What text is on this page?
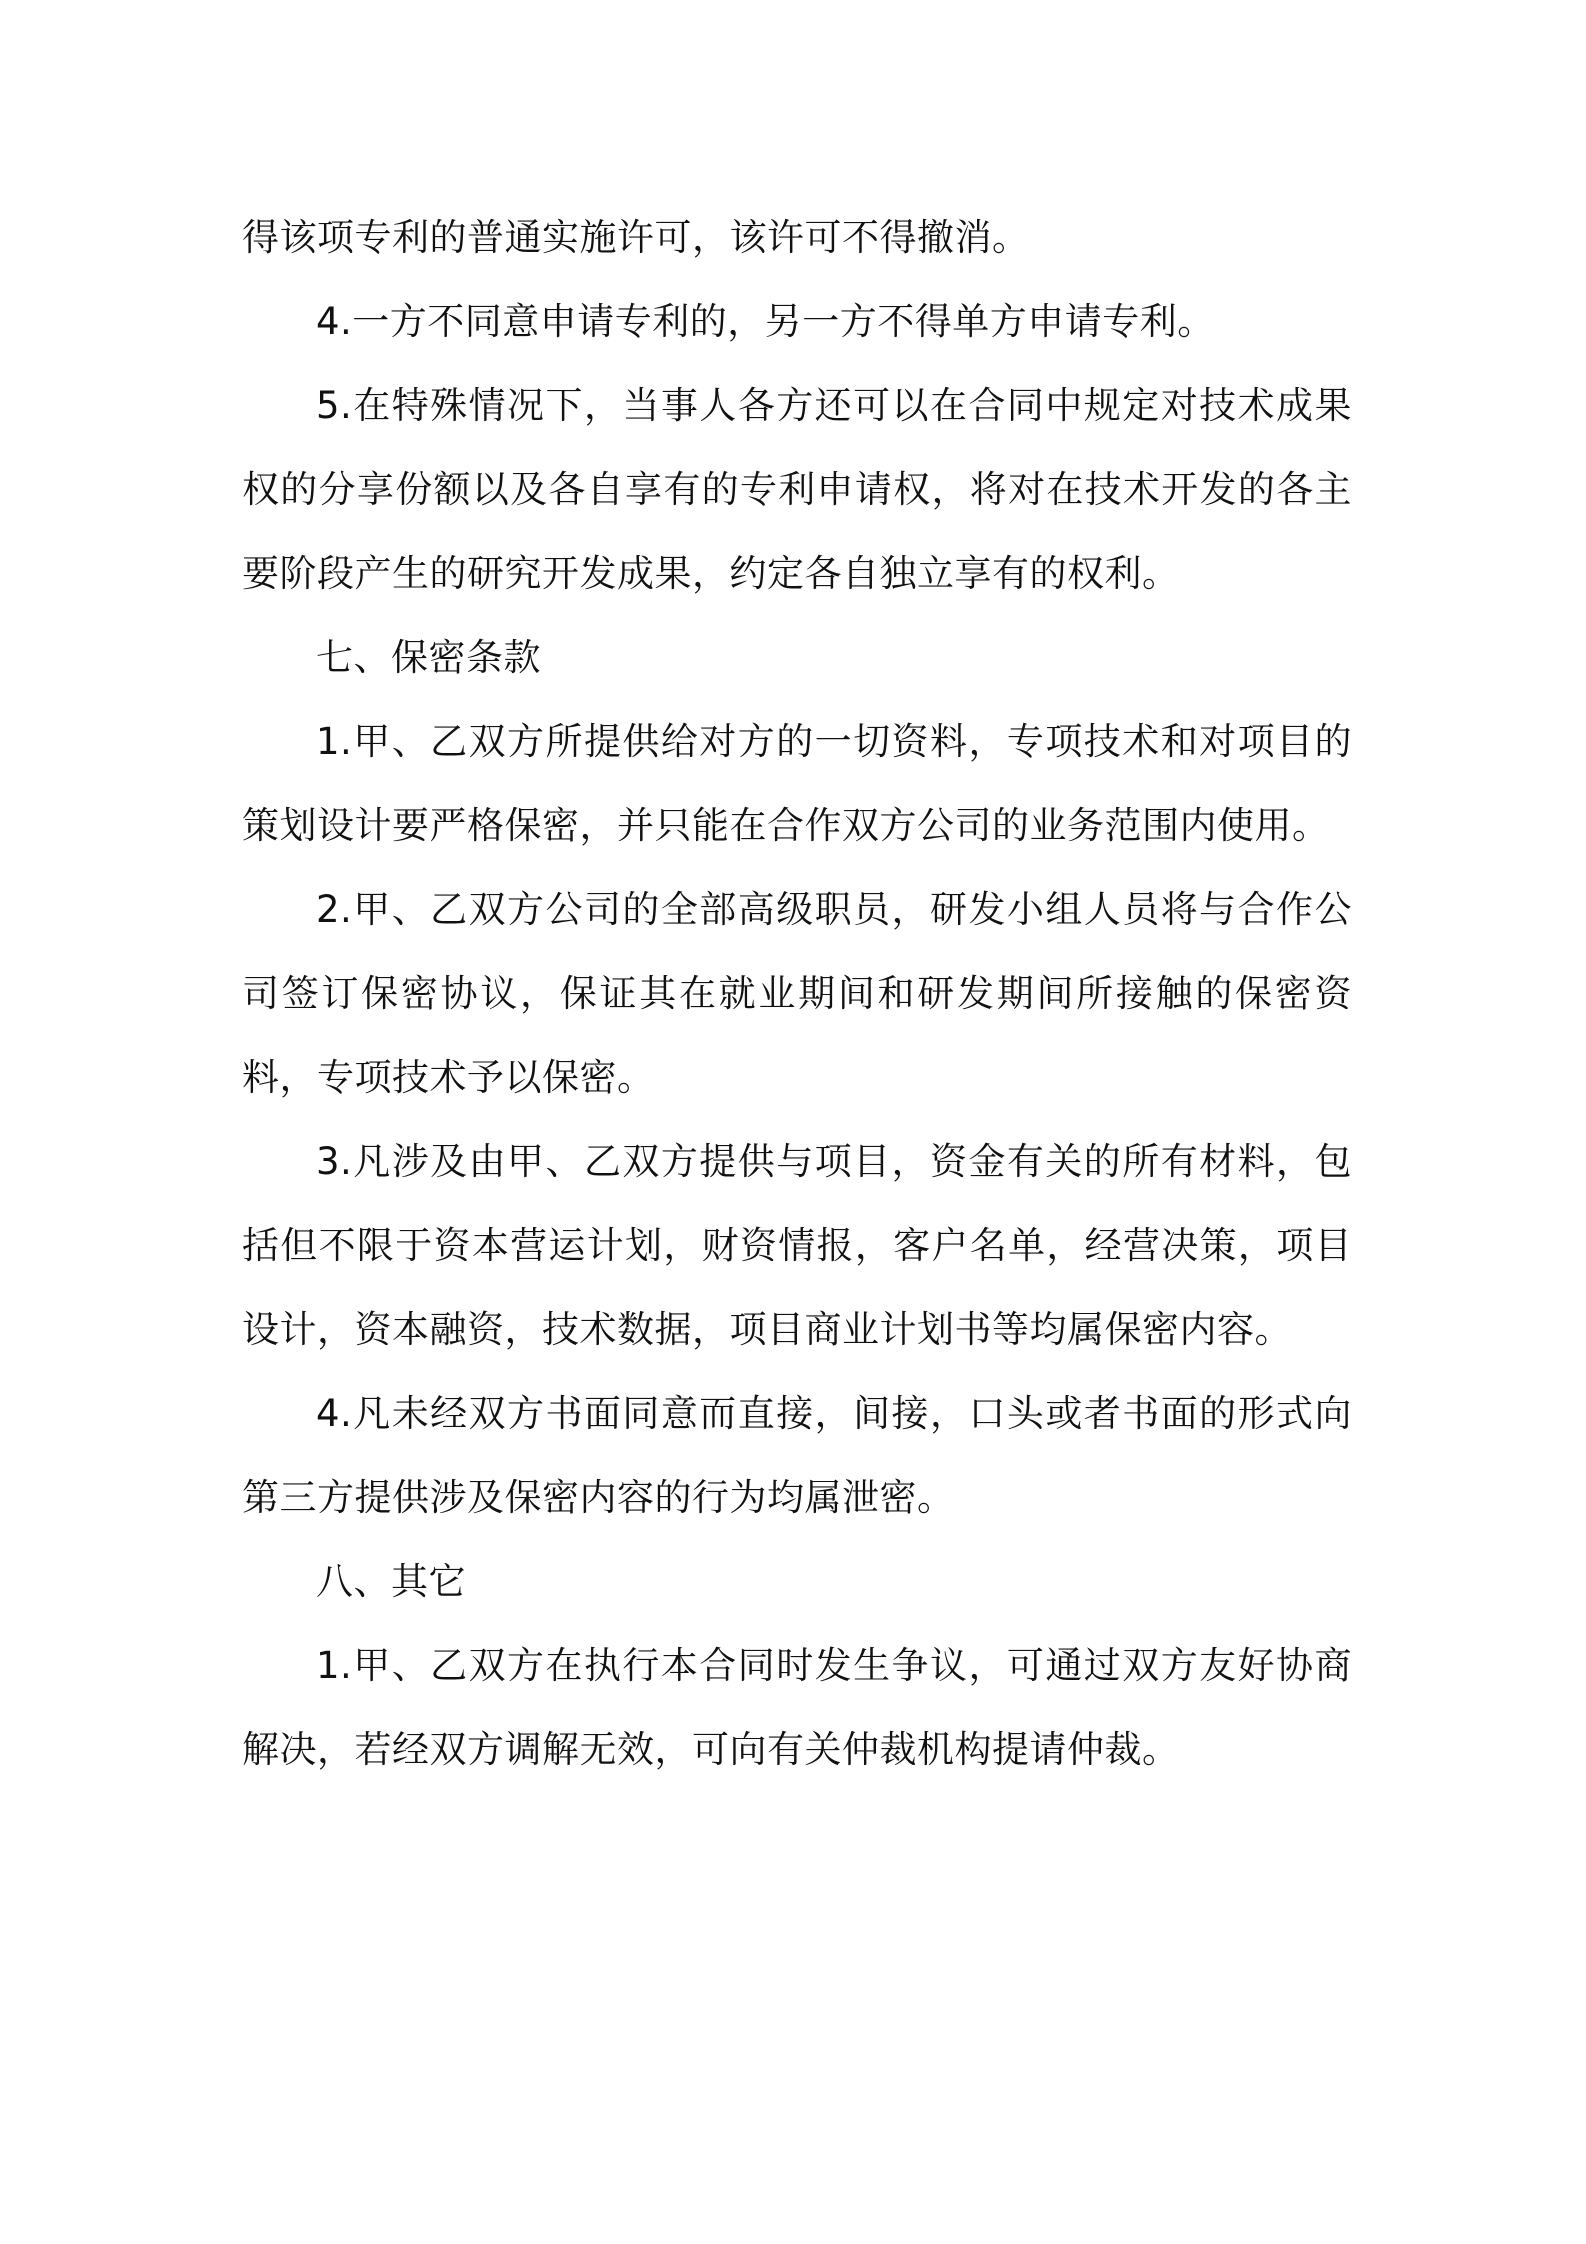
得该项专利的普通实施许可，该许可不得撤消。

4.一方不同意申请专利的，另一方不得单方申请专利。

5.在特殊情况下，当事人各方还可以在合同中规定对技术成果权的分享份额以及各自享有的专利申请权，将对在技术开发的各主要阶段产生的研究开发成果，约定各自独立享有的权利。

七、保密条款

1.甲、乙双方所提供给对方的一切资料，专项技术和对项目的策划设计要严格保密，并只能在合作双方公司的业务范围内使用。

2.甲、乙双方公司的全部高级职员，研发小组人员将与合作公司签订保密协议，保证其在就业期间和研发期间所接触的保密资料，专项技术予以保密。

3.凡涉及由甲、乙双方提供与项目，资金有关的所有材料，包括但不限于资本营运计划，财资情报，客户名单，经营决策，项目设计，资本融资，技术数据，项目商业计划书等均属保密内容。

4.凡未经双方书面同意而直接，间接，口头或者书面的形式向第三方提供涉及保密内容的行为均属泄密。

八、其它

1.甲、乙双方在执行本合同时发生争议，可通过双方友好协商解决，若经双方调解无效，可向有关仲裁机构提请仲裁。
